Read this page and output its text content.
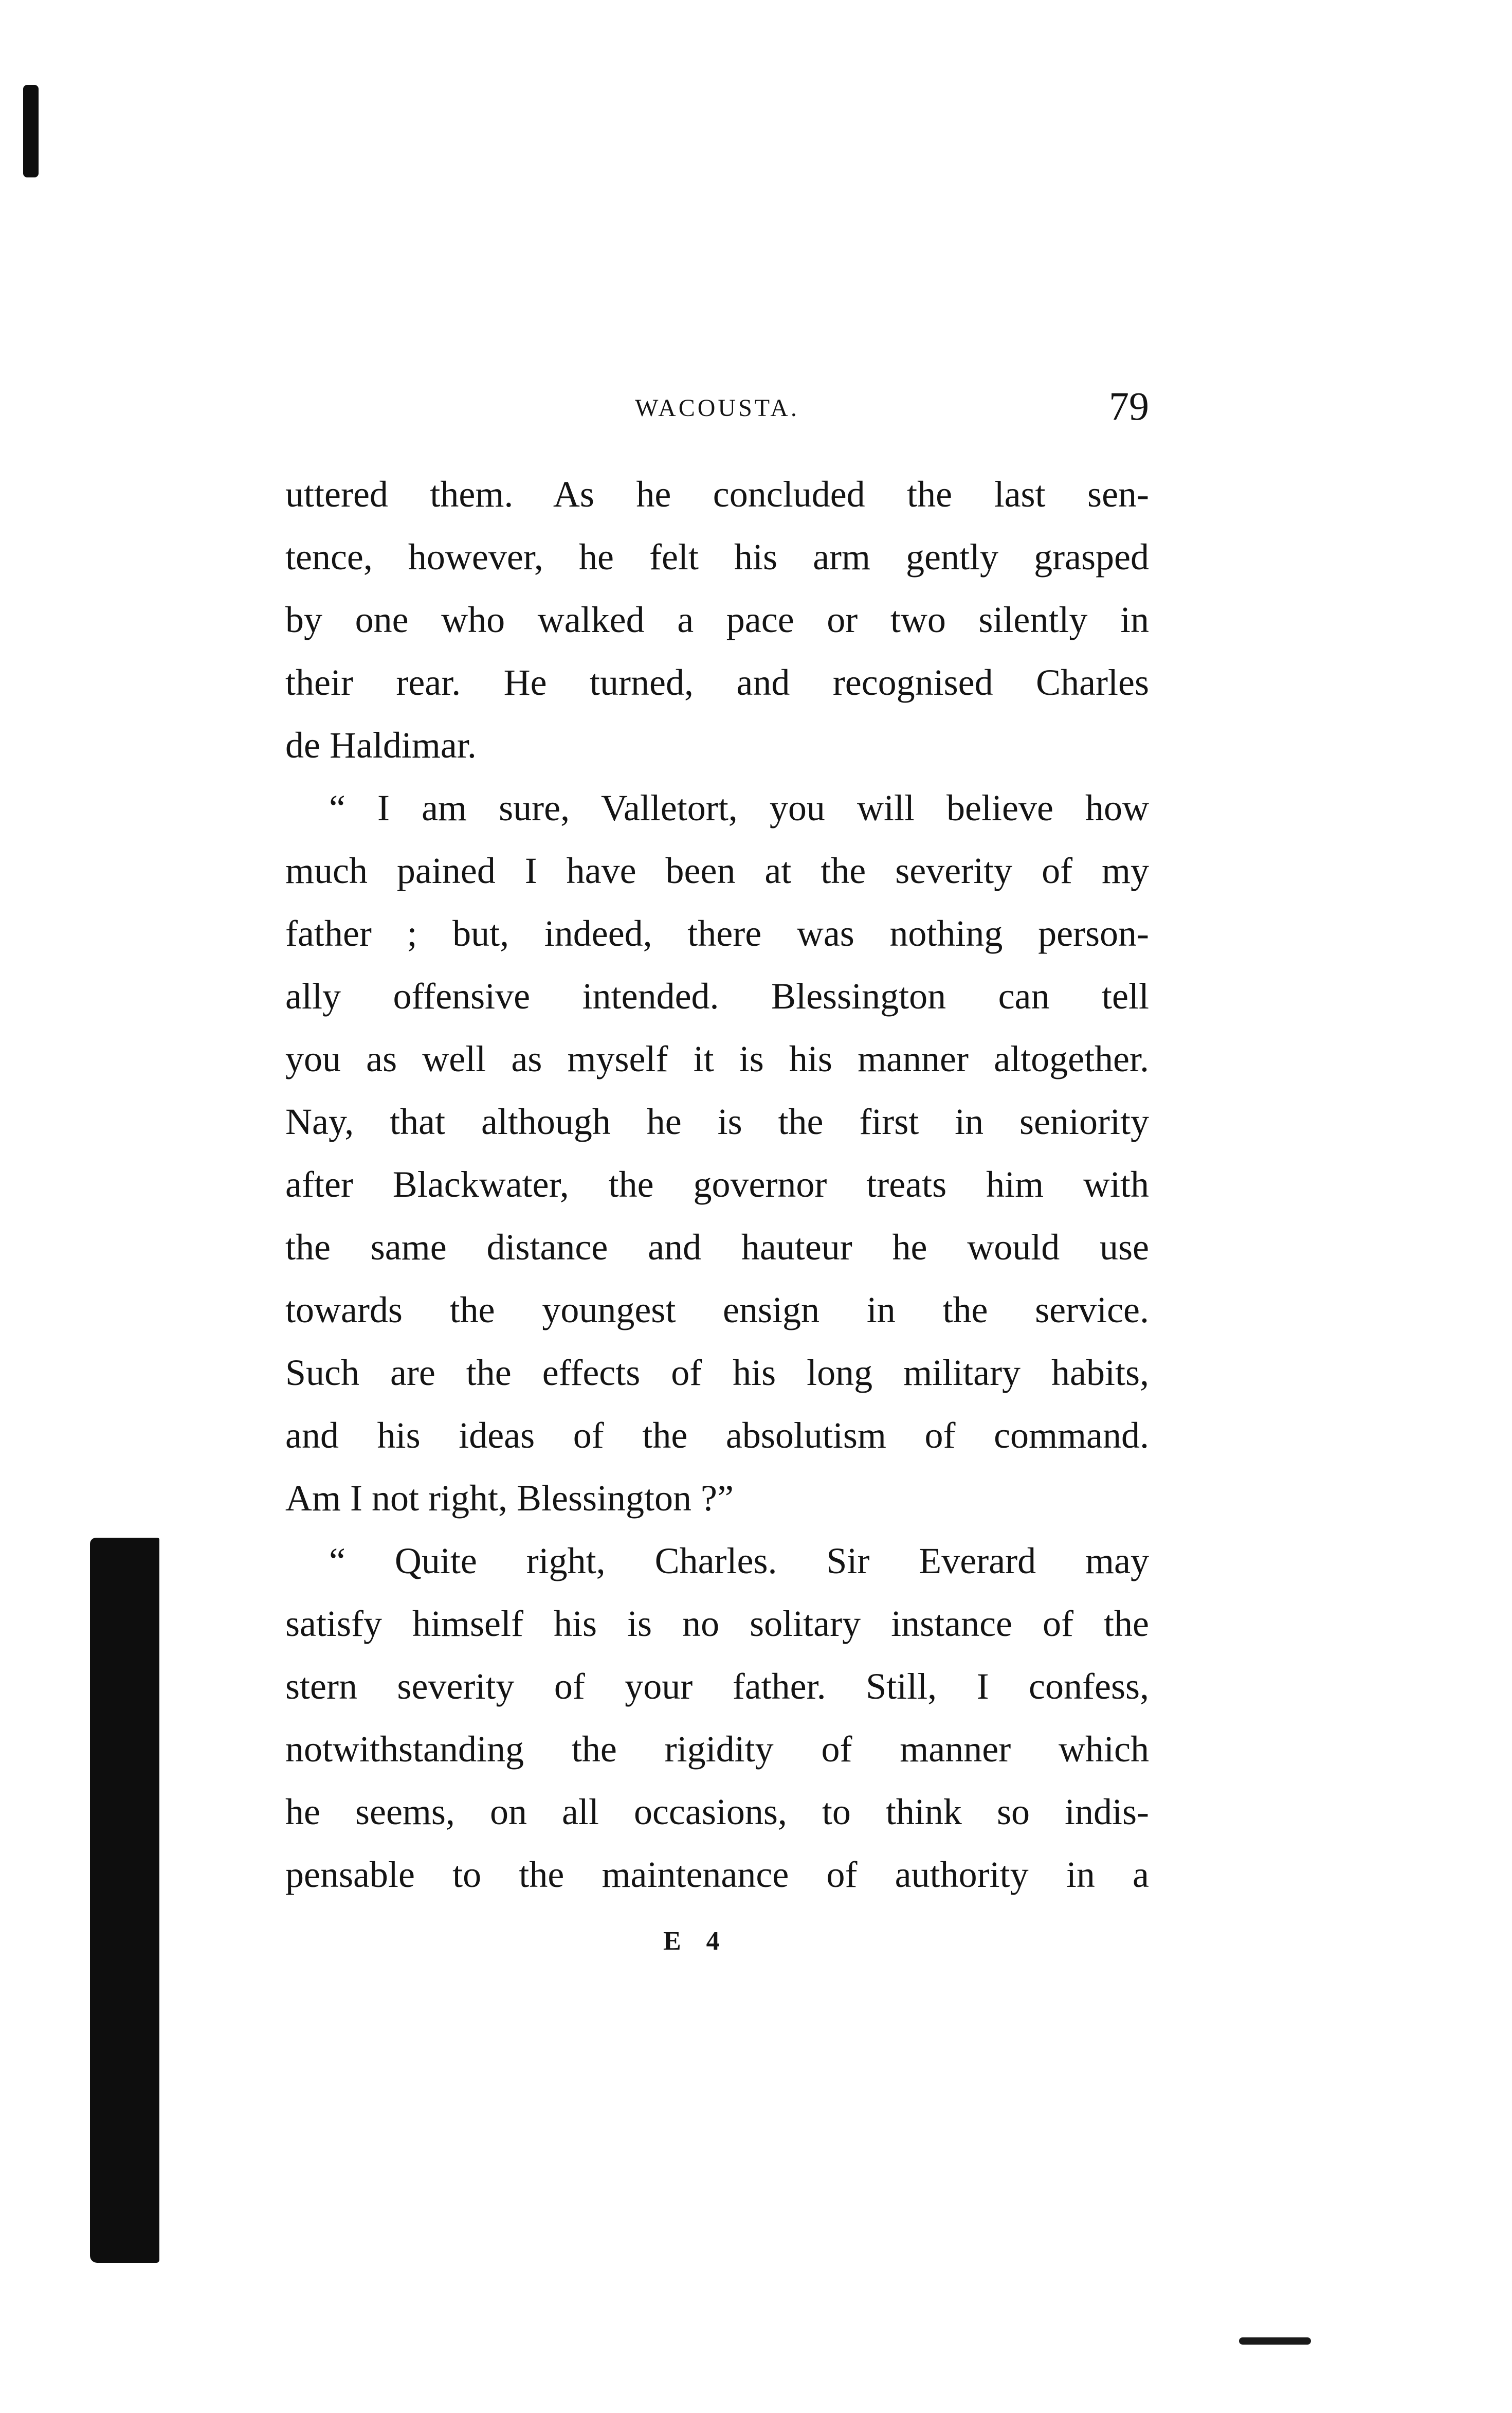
WACOUSTA.	79
uttered them. As he concluded the last sen-
tence, however, he felt his arm gently grasped
by one who walked a pace or two silently in
their rear. He turned, and recognised Charles
de Haldimar.
“ I am sure, Valletort, you will believe how
much pained I have been at the severity of my
father ; but, indeed, there was nothing person-
ally offensive intended. Blessington can tell
you as well as myself it is his manner altogether.
Nay, that although he is the first in seniority
after Blackwater, the governor treats him with
the same distance and hauteur he would use
towards the youngest ensign in the service.
Such are the effects of his long military habits,
and his ideas of the absolutism of command.
Am I not right, Blessington ?”
“ Quite right, Charles. Sir Everard may
satisfy himself his is no solitary instance of the
stern severity of your father. Still, I confess,
notwithstanding the rigidity of manner which
he seems, on all occasions, to think so indis-
pensable to the maintenance of authority in a
E 4
